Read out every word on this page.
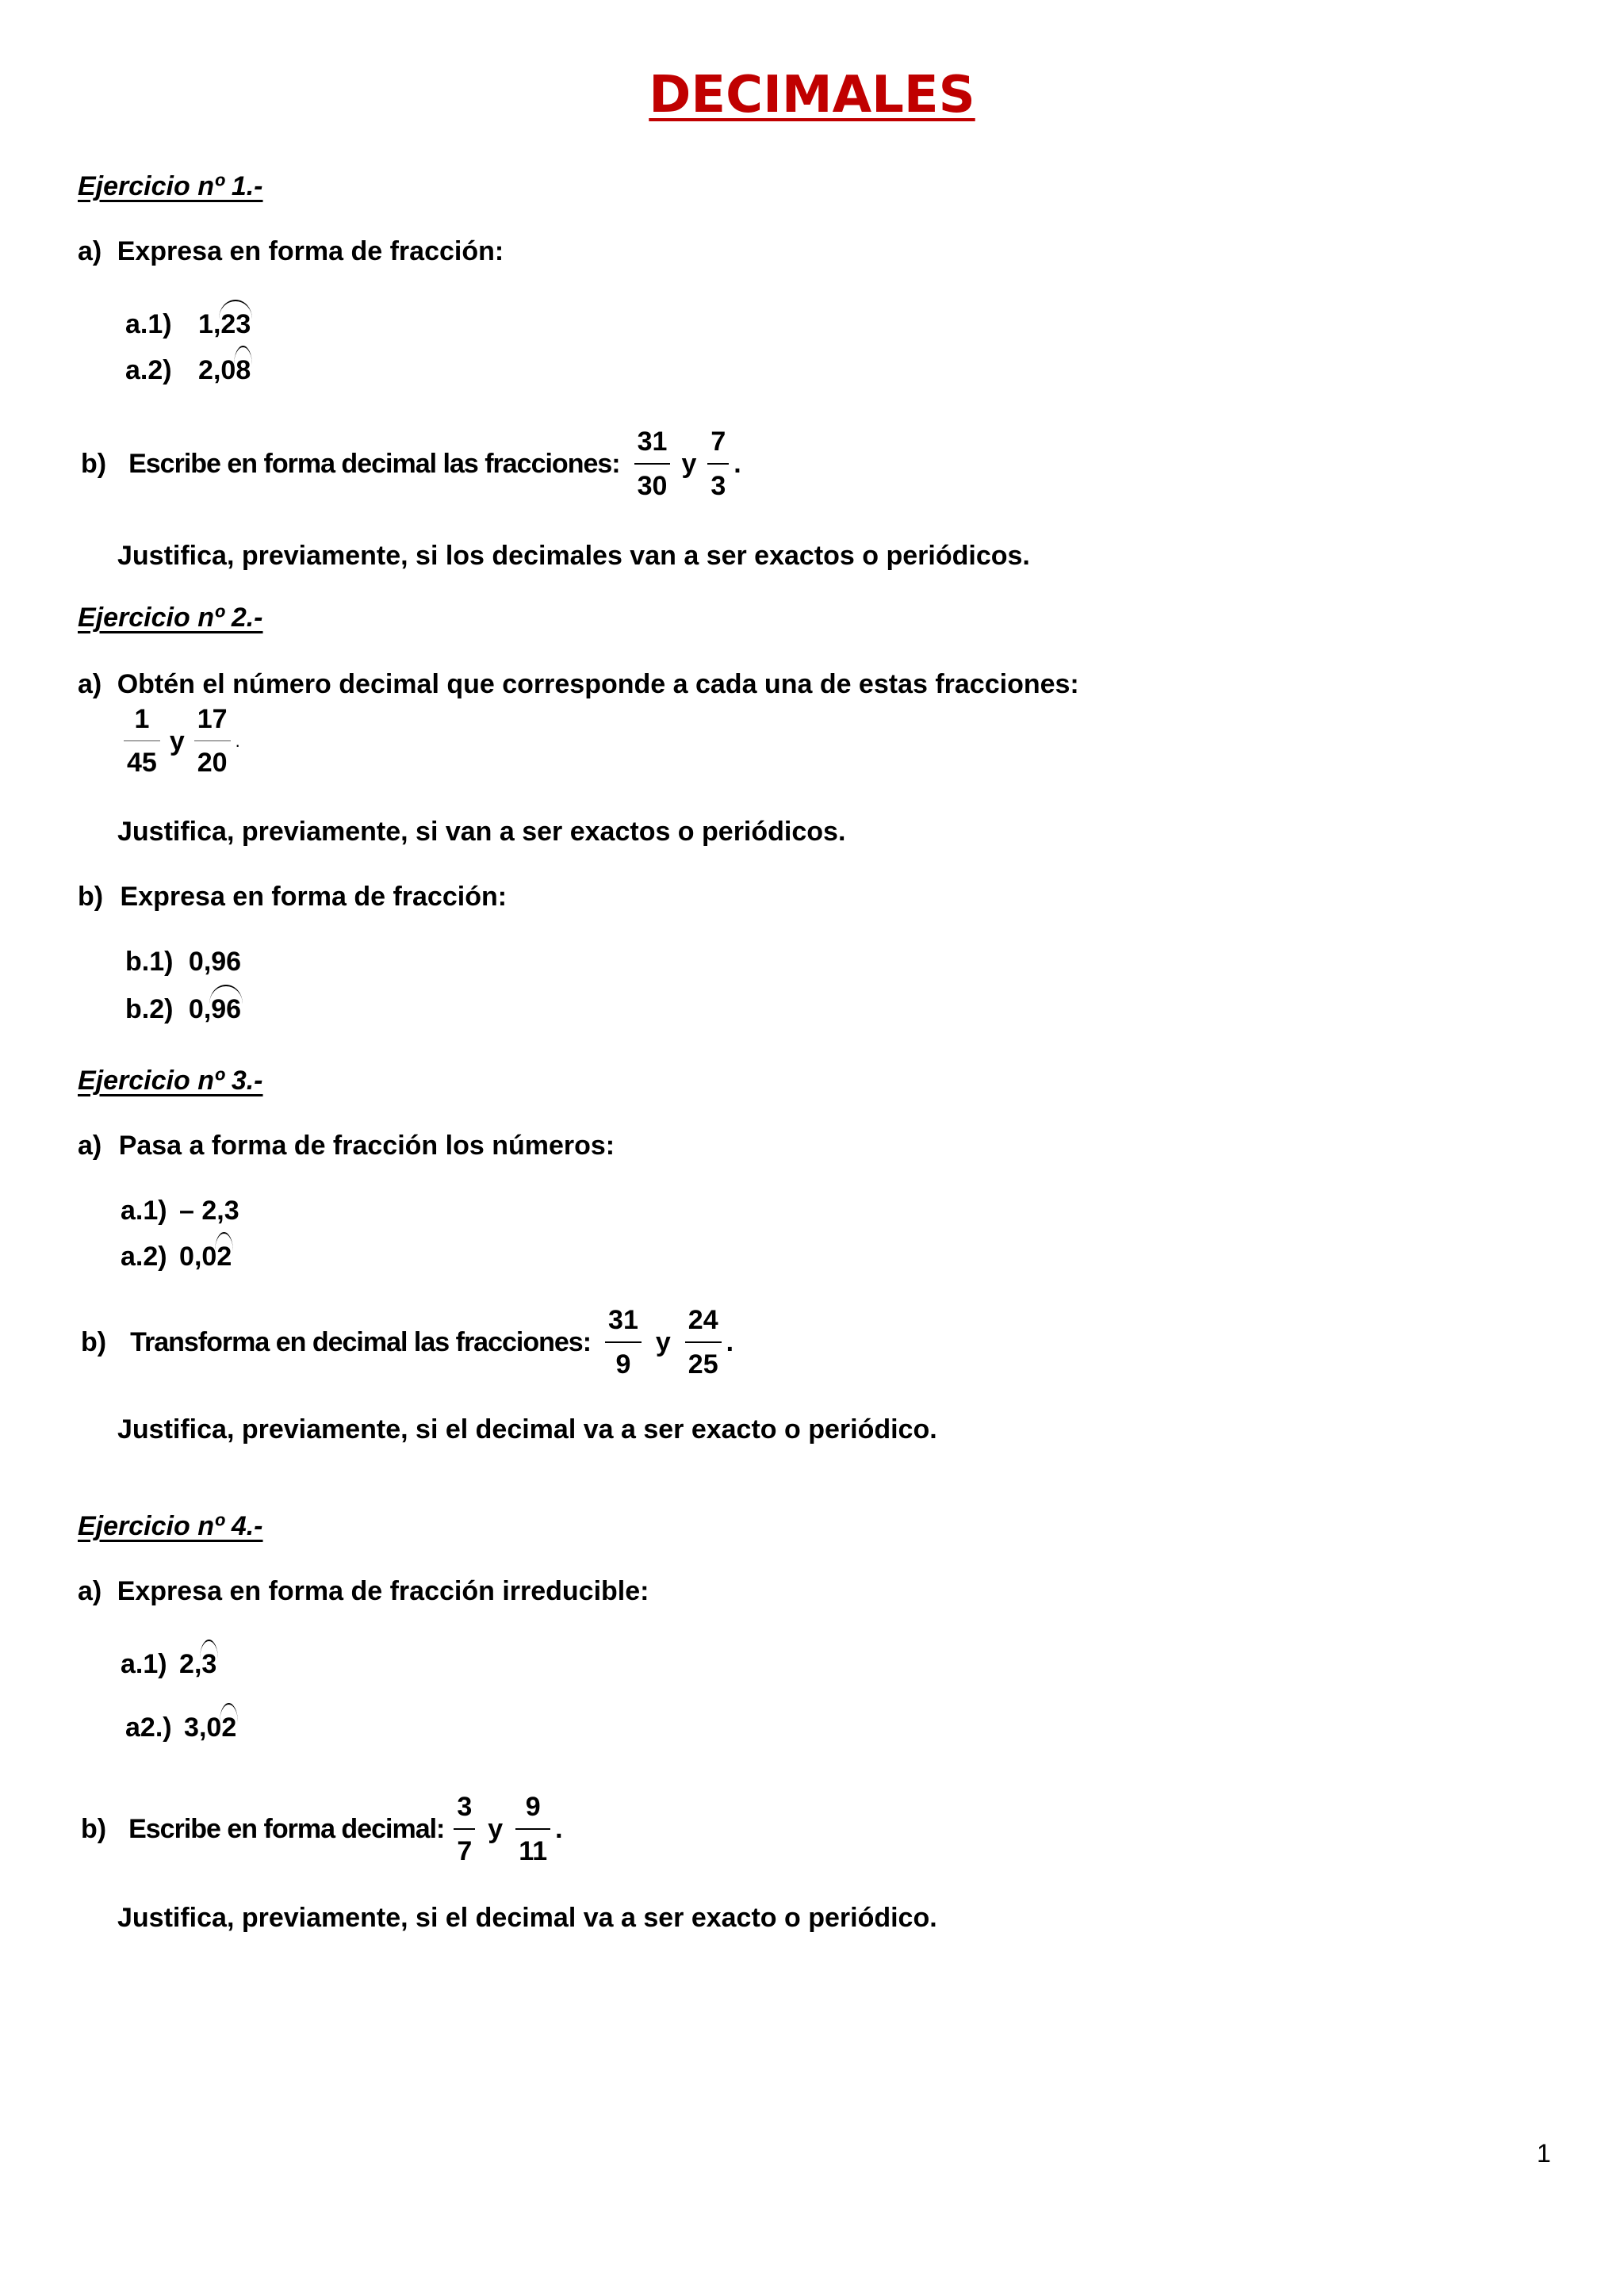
DECIMALES
Ejercicio nº 1.-
a) Expresa en forma de fracción:
a.1) 1,23
a.2) 2,08
b) Escribe en forma decimal las fracciones: $\frac{31}{30}$ y $\frac{7}{3}$ .
Justifica, previamente, si los decimales van a ser exactos o periódicos.
Ejercicio nº 2.-
a) Obtén el número decimal que corresponde a cada una de estas fracciones:
$\frac{1}{45}$ y $\frac{17}{20}$ .
Justifica, previamente, si van a ser exactos o periódicos.
b) Expresa en forma de fracción:
b.1) 0,96
b.2) 0,96
Ejercicio nº 3.-
a) Pasa a forma de fracción los números:
a.1) – 2,3
a.2) 0,02
b) Transforma en decimal las fracciones: $\frac{31}{9}$ y $\frac{24}{25}$ .
Justifica, previamente, si el decimal va a ser exacto o periódico.
Ejercicio nº 4.-
a) Expresa en forma de fracción irreducible:
a.1) 2,3
a2.) 3,02
b) Escribe en forma decimal: $\frac{3}{7}$ y $\frac{9}{11}$ .
Justifica, previamente, si el decimal va a ser exacto o periódico.
1
